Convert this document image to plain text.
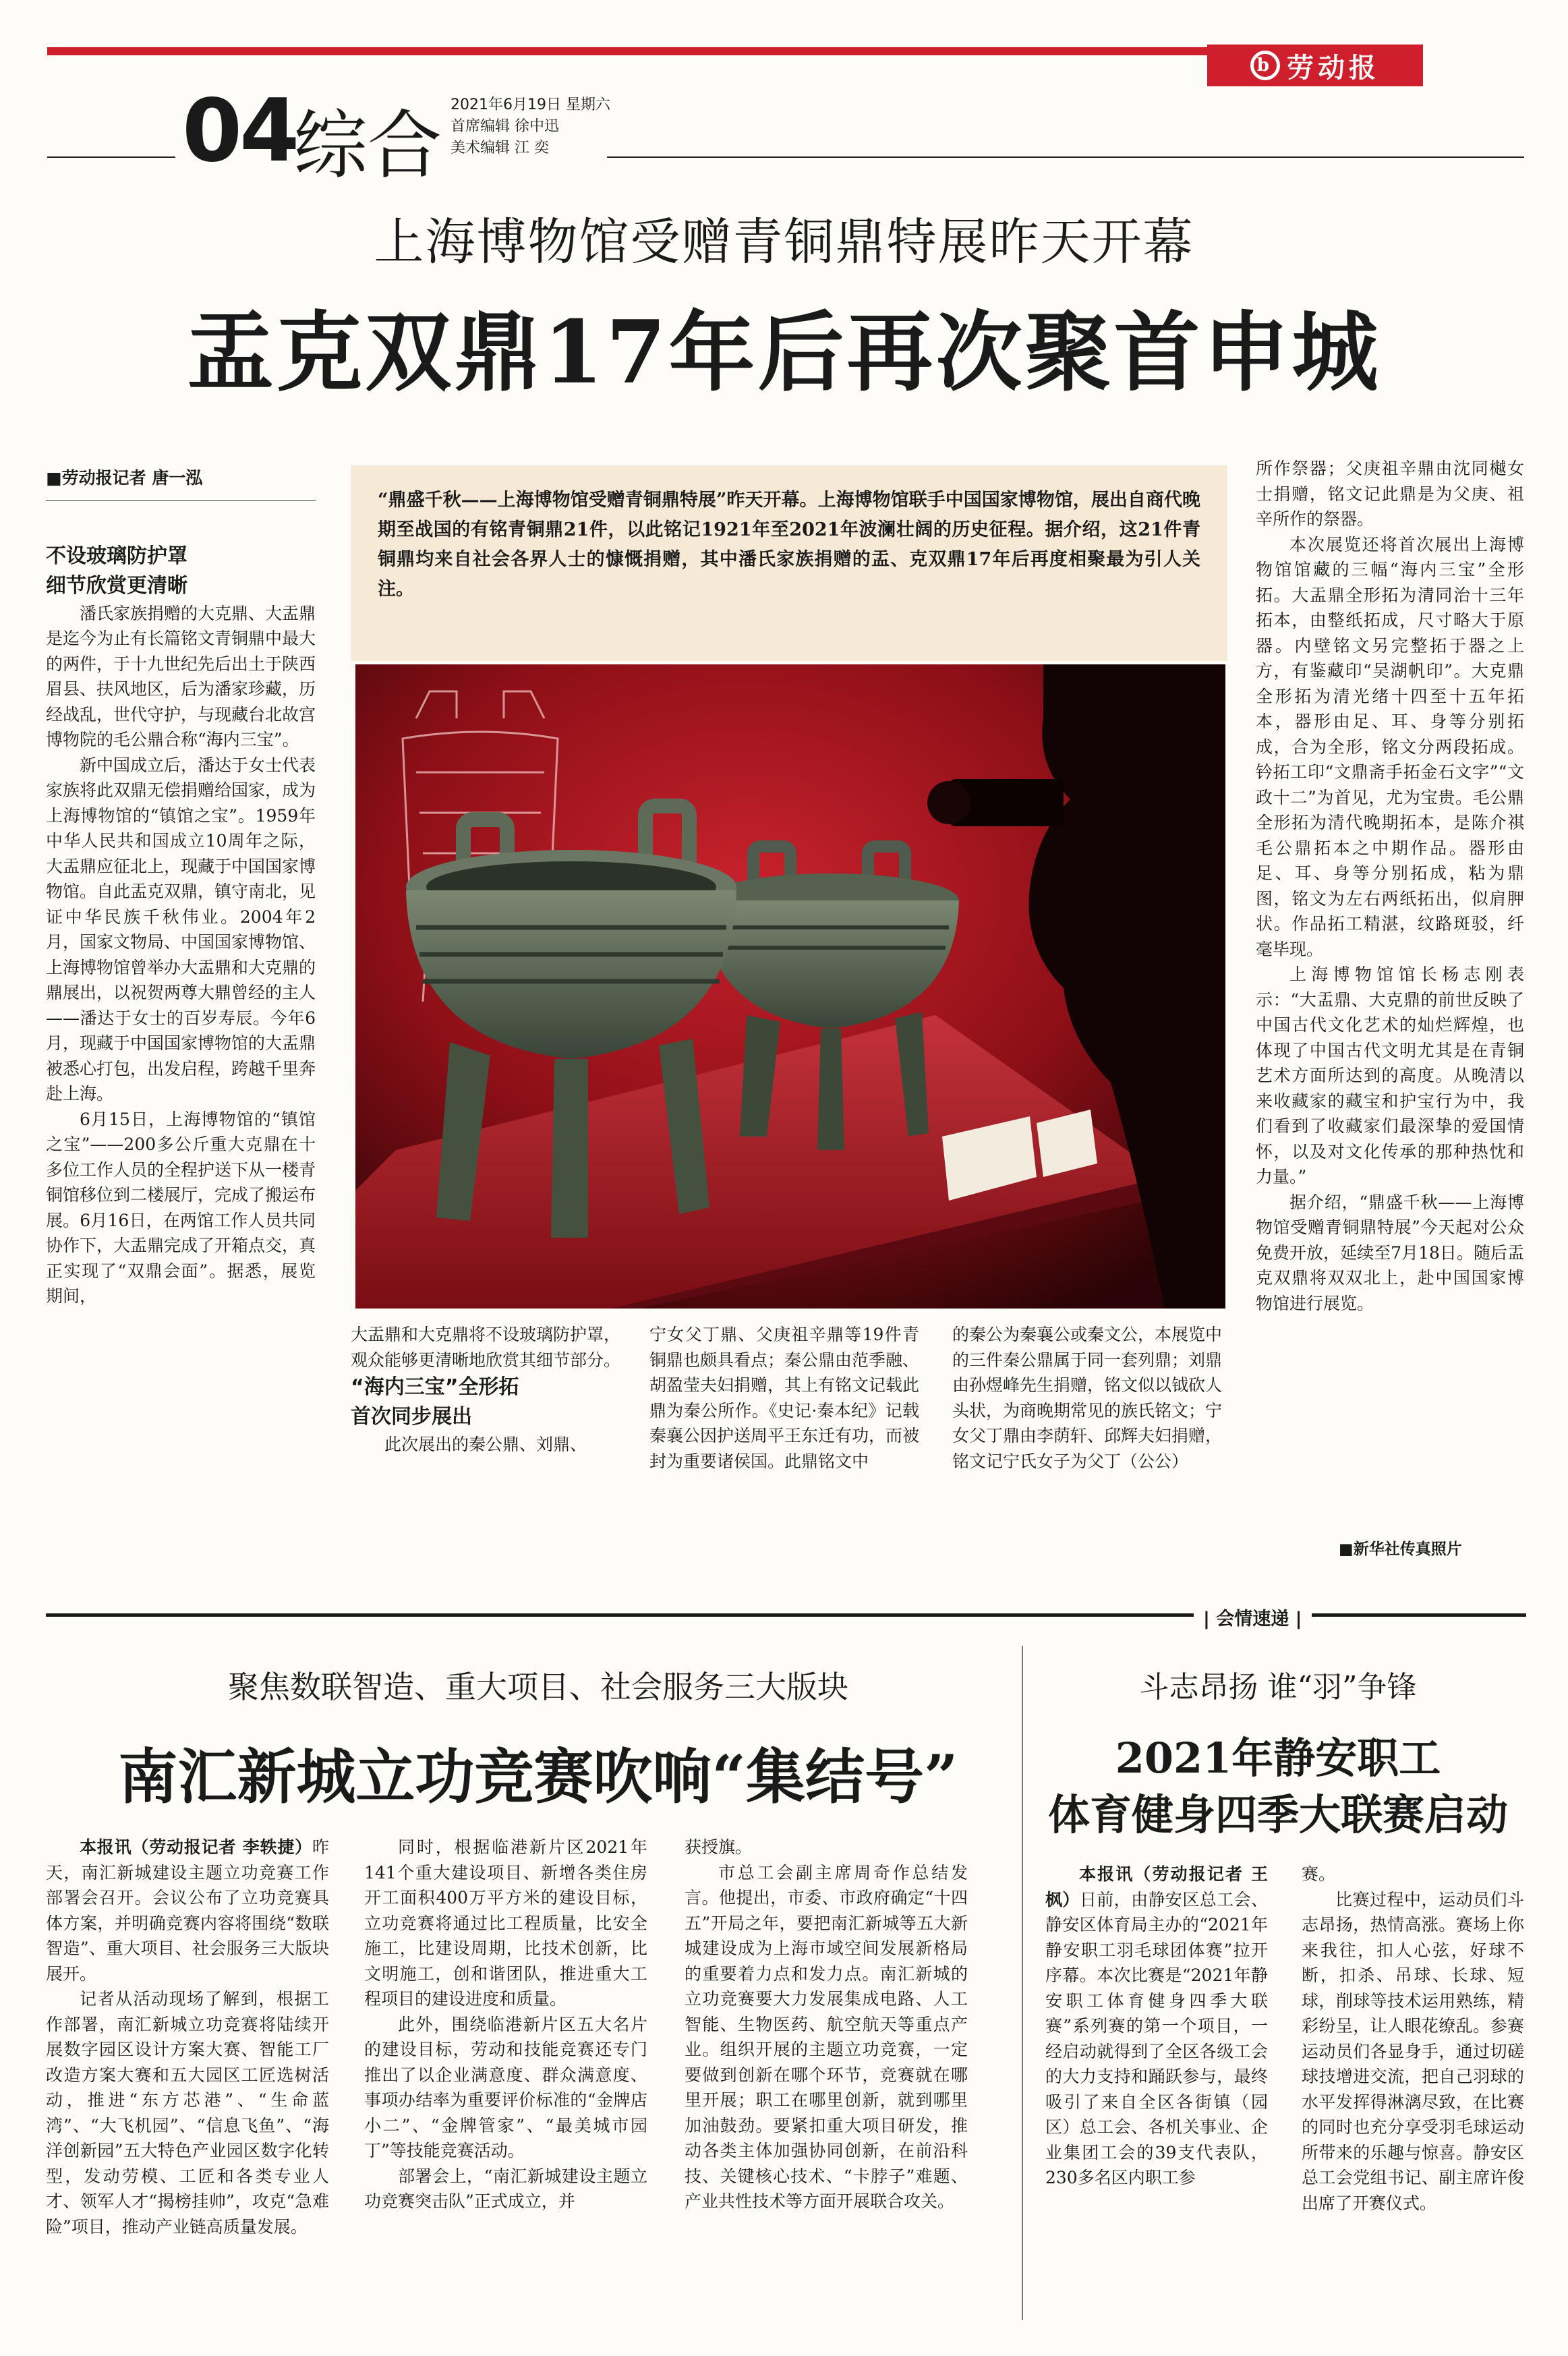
b 劳动报
04
综合 2021年6月19日 星期六
首席编辑 徐中迅
美术编辑 江 奕
上海博物馆受赠青铜鼎特展昨天开幕
盂克双鼎17年后再次聚首申城

■劳动报记者 唐一泓

不设玻璃防护罩
细节欣赏更清晰

潘氏家族捐赠的大克鼎、大盂鼎是迄今为止有长篇铭文青铜鼎中最大的两件，于十九世纪先后出土于陕西眉县、扶风地区，后为潘家珍藏，历经战乱，世代守护，与现藏台北故宫博物院的毛公鼎合称“海内三宝”。

新中国成立后，潘达于女士代表家族将此双鼎无偿捐赠给国家，成为上海博物馆的“镇馆之宝”。1959年中华人民共和国成立10周年之际，大盂鼎应征北上，现藏于中国国家博物馆。自此盂克双鼎，镇守南北，见证中华民族千秋伟业。2004年2月，国家文物局、中国国家博物馆、上海博物馆曾举办大盂鼎和大克鼎的鼎展出，以祝贺两尊大鼎曾经的主人——潘达于女士的百岁寿辰。今年6月，现藏于中国国家博物馆的大盂鼎被悉心打包，出发启程，跨越千里奔赴上海。

6月15日，上海博物馆的“镇馆之宝”——200多公斤重大克鼎在十多位工作人员的全程护送下从一楼青铜馆移位到二楼展厅，完成了搬运布展。6月16日，在两馆工作人员共同协作下，大盂鼎完成了开箱点交，真正实现了“双鼎会面”。据悉，展览期间，

“鼎盛千秋——上海博物馆受赠青铜鼎特展”昨天开幕。上海博物馆联手中国国家博物馆，展出自商代晚期至战国的有铭青铜鼎21件，以此铭记1921年至2021年波澜壮阔的历史征程。据介绍，这21件青铜鼎均来自社会各界人士的慷慨捐赠，其中潘氏家族捐赠的盂、克双鼎17年后再度相聚最为引人关注。

大盂鼎和大克鼎将不设玻璃防护罩，观众能够更清晰地欣赏其细节部分。

“海内三宝”全形拓
首次同步展出

此次展出的秦公鼎、刘鼎、

宁女父丁鼎、父庚祖辛鼎等19件青铜鼎也颇具看点；秦公鼎由范季融、胡盈莹夫妇捐赠，其上有铭文记载此鼎为秦公所作。《史记·秦本纪》记载秦襄公因护送周平王东迁有功，而被封为重要诸侯国。此鼎铭文中

的秦公为秦襄公或秦文公，本展览中的三件秦公鼎属于同一套列鼎；刘鼎由孙煜峰先生捐赠，铭文似以钺砍人头状，为商晚期常见的族氏铭文；宁女父丁鼎由李荫轩、邱辉夫妇捐赠，铭文记宁氏女子为父丁（公公）

所作祭器；父庚祖辛鼎由沈同樾女士捐赠，铭文记此鼎是为父庚、祖辛所作的祭器。

本次展览还将首次展出上海博物馆馆藏的三幅“海内三宝”全形拓。大盂鼎全形拓为清同治十三年拓本，由整纸拓成，尺寸略大于原器。内壁铭文另完整拓于器之上方，有鉴藏印“吴湖帆印”。大克鼎全形拓为清光绪十四至十五年拓本，器形由足、耳、身等分别拓成，合为全形，铭文分两段拓成。钤拓工印“文鼎斋手拓金石文字”“文政十二”为首见，尤为宝贵。毛公鼎全形拓为清代晚期拓本，是陈介祺毛公鼎拓本之中期作品。器形由足、耳、身等分别拓成，粘为鼎图，铭文为左右两纸拓出，似肩胛状。作品拓工精湛，纹路斑驳，纤毫毕现。

上海博物馆馆长杨志刚表示：“大盂鼎、大克鼎的前世反映了中国古代文化艺术的灿烂辉煌，也体现了中国古代文明尤其是在青铜艺术方面所达到的高度。从晚清以来收藏家的藏宝和护宝行为中，我们看到了收藏家们最深挚的爱国情怀，以及对文化传承的那种热忱和力量。”

据介绍，“鼎盛千秋——上海博物馆受赠青铜鼎特展”今天起对公众免费开放，延续至7月18日。随后盂克双鼎将双双北上，赴中国国家博物馆进行展览。

■新华社传真照片
| 会情速递 |
聚焦数联智造、重大项目、社会服务三大版块
南汇新城立功竞赛吹响“集结号”

本报讯（劳动报记者 李轶捷）昨天，南汇新城建设主题立功竞赛工作部署会召开。会议公布了立功竞赛具体方案，并明确竞赛内容将围绕“数联智造”、重大项目、社会服务三大版块展开。

记者从活动现场了解到，根据工作部署，南汇新城立功竞赛将陆续开展数字园区设计方案大赛、智能工厂改造方案大赛和五大园区工匠选树活动，推进“东方芯港”、“生命蓝湾”、“大飞机园”、“信息飞鱼”、“海洋创新园”五大特色产业园区数字化转型，发动劳模、工匠和各类专业人才、领军人才“揭榜挂帅”，攻克“急难险”项目，推动产业链高质量发展。

同时，根据临港新片区2021年141个重大建设项目、新增各类住房开工面积400万平方米的建设目标，立功竞赛将通过比工程质量，比安全施工，比建设周期，比技术创新，比文明施工，创和谐团队，推进重大工程项目的建设进度和质量。

此外，围绕临港新片区五大名片的建设目标，劳动和技能竞赛还专门推出了以企业满意度、群众满意度、事项办结率为重要评价标准的“金牌店小二”、“金牌管家”、“最美城市园丁”等技能竞赛活动。

部署会上，“南汇新城建设主题立功竞赛突击队”正式成立，并

获授旗。

市总工会副主席周奇作总结发言。他提出，市委、市政府确定“十四五”开局之年，要把南汇新城等五大新城建设成为上海市域空间发展新格局的重要着力点和发力点。南汇新城的立功竞赛要大力发展集成电路、人工智能、生物医药、航空航天等重点产业。组织开展的主题立功竞赛，一定要做到创新在哪个环节，竞赛就在哪里开展；职工在哪里创新，就到哪里加油鼓劲。要紧扣重大项目研发，推动各类主体加强协同创新，在前沿科技、关键核心技术、“卡脖子”难题、产业共性技术等方面开展联合攻关。

斗志昂扬 谁“羽”争锋
2021年静安职工
体育健身四季大联赛启动

本报讯（劳动报记者 王枫）日前，由静安区总工会、静安区体育局主办的“2021年静安职工羽毛球团体赛”拉开序幕。本次比赛是“2021年静安职工体育健身四季大联赛”系列赛的第一个项目，一经启动就得到了全区各级工会的大力支持和踊跃参与，最终吸引了来自全区各街镇（园区）总工会、各机关事业、企业集团工会的39支代表队，230多名区内职工参

赛。

比赛过程中，运动员们斗志昂扬，热情高涨。赛场上你来我往，扣人心弦，好球不断，扣杀、吊球、长球、短球，削球等技术运用熟练，精彩纷呈，让人眼花缭乱。参赛运动员们各显身手，通过切磋球技增进交流，把自己羽球的水平发挥得淋漓尽致，在比赛的同时也充分享受羽毛球运动所带来的乐趣与惊喜。静安区总工会党组书记、副主席许俊出席了开赛仪式。
